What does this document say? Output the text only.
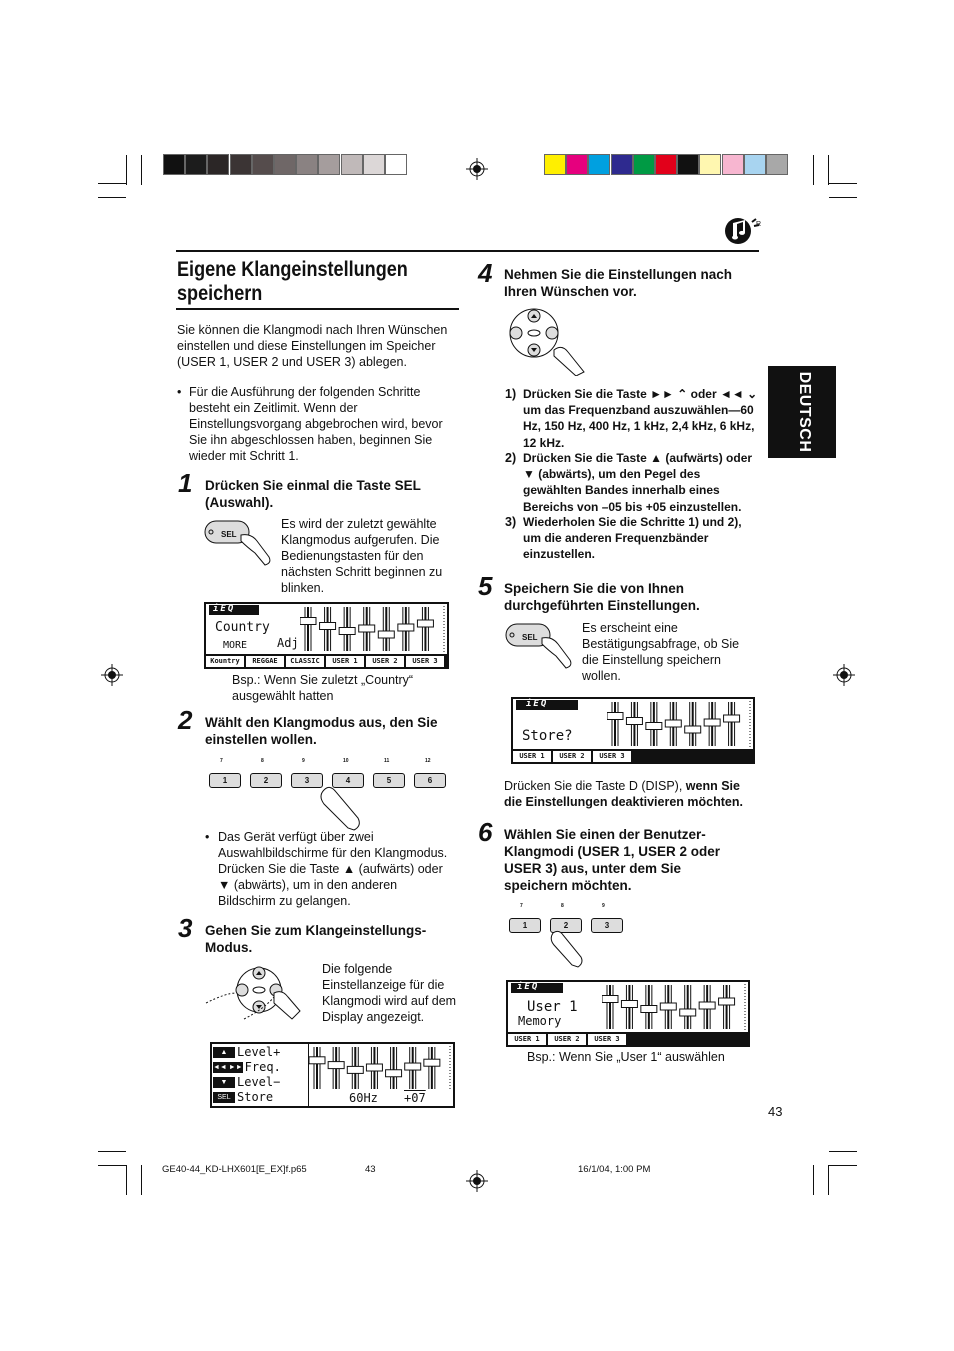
R
Eigene Klangeinstellungen
speichern
DEUTSCH
Sie können die Klangmodi nach Ihren Wünschen einstellen und diese Einstellungen im Speicher (USER 1, USER 2 und USER 3) ablegen.
• Für die Ausführung der folgenden Schritte besteht ein Zeitlimit. Wenn der Einstellungsvorgang abgebrochen wird, bevor Sie ihn abgeschlossen haben, beginnen Sie wieder mit Schritt 1.
1 Drücken Sie einmal die Taste SEL (Auswahl).
SEL
Es wird der zuletzt gewählte Klangmodus aufgerufen. Die Bedienungstasten für den nächsten Schritt beginnen zu blinken.
iEQ
Country
MORE Adj
Kountry	REGGAE	CLASSIC	USER 1	USER 2	USER 3
Bsp.: Wenn Sie zuletzt „Country“ ausgewählt hatten
2 Wählt den Klangmodus aus, den Sie einstellen wollen.
7
1
8
2
9
3
10
4
11
5
12
6
• Das Gerät verfügt über zwei Auswahlbildschirme für den Klangmodus. Drücken Sie die Taste ▲ (aufwärts) oder ▼ (abwärts), um in den anderen Bildschirm zu gelangen.
3 Gehen Sie zum Klangeinstellungs-Modus.
Die folgende Einstellanzeige für die Klangmodi wird auf dem Display angezeigt.
▲ Level+
◄◄ ►► Freq.
▼ Level−
SEL Store	60Hz +07
4 Nehmen Sie die Einstellungen nach Ihren Wünschen vor.
1) Drücken Sie die Taste ►► ⌃ oder ◄◄ ⌄ um das Frequenzband auszuwählen—60 Hz, 150 Hz, 400 Hz, 1 kHz, 2,4 kHz, 6 kHz, 12 kHz.
2) Drücken Sie die Taste ▲ (aufwärts) oder ▼ (abwärts), um den Pegel des gewählten Bandes innerhalb eines Bereichs von –05 bis +05 einzustellen.
3) Wiederholen Sie die Schritte 1) und 2), um die anderen Frequenzbänder einzustellen.
5 Speichern Sie die von Ihnen durchgeführten Einstellungen.
SEL
Es erscheint eine Bestätigungsabfrage, ob Sie die Einstellung speichern wollen.
iEQ
Store?
USER 1	USER 2	USER 3
Drücken Sie die Taste D (DISP), wenn Sie die Einstellungen deaktivieren möchten.
6 Wählen Sie einen der Benutzer-Klangmodi (USER 1, USER 2 oder USER 3) aus, unter dem Sie speichern möchten.
7
1
8
2
9
3
iEQ
User 1
Memory
USER 1	USER 2	USER 3
Bsp.: Wenn Sie „User 1“ auswählen
43
GE40-44_KD-LHX601[E_EX]f.p65	43	16/1/04, 1:00 PM
